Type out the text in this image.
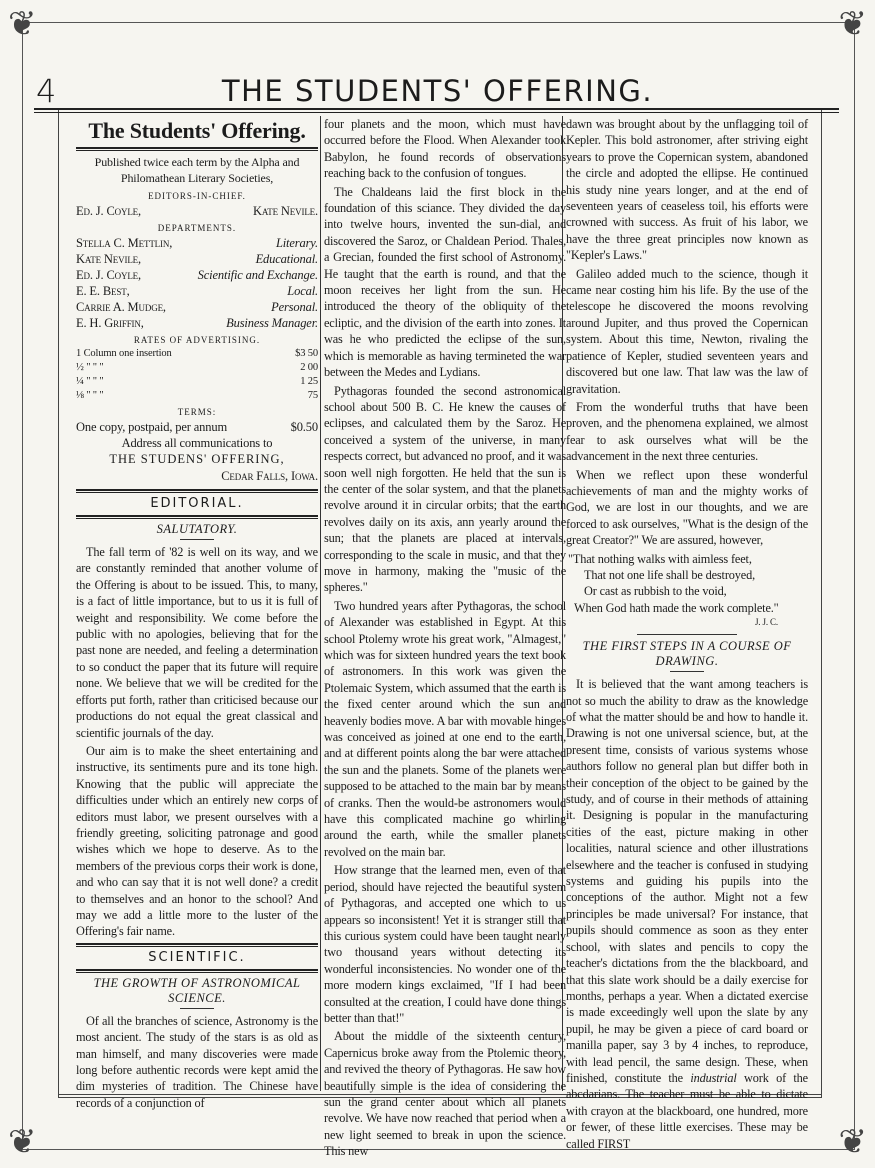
❦	❦
❦	❦
4	THE STUDENTS' OFFERING.
The Students' Offering.
Published twice each term by the Alpha and Philomathean Literary Societies,
EDITORS-IN-CHIEF.
Ed. J. Coyle,	Kate Nevile.
DEPARTMENTS.
Stella C. Mettlin,	Literary.
Kate Nevile,	Educational.
Ed. J. Coyle,	Scientific and Exchange.
E. E. Best,	Local.
Carrie A. Mudge,	Personal.
E. H. Griffin,	Business Manager.
RATES OF ADVERTISING.
1 Column one insertion	$3 50
½ " " "	2 00
¼ " " "	1 25
⅛ " " "	75
TERMS:
One copy, postpaid, per annum	$0.50
Address all communications to
THE STUDENS' OFFERING,
Cedar Falls, Iowa.
EDITORIAL.
SALUTATORY.

The fall term of '82 is well on its way, and we are constantly reminded that another volume of the Offering is about to be issued. This, to many, is a fact of little importance, but to us it is full of weight and responsibility. We come before the public with no apologies, believing that for the past none are needed, and feeling a determination to so conduct the paper that its future will require none. We believe that we will be credited for the efforts put forth, rather than criticised because our productions do not equal the great classical and scientific journals of the day.

Our aim is to make the sheet entertaining and instructive, its sentiments pure and its tone high. Knowing that the public will appreciate the difficulties under which an entirely new corps of editors must labor, we present ourselves with a friendly greeting, soliciting patronage and good wishes which we hope to deserve. As to the members of the previous corps their work is done, and who can say that it is not well done? a credit to themselves and an honor to the school? And may we add a little more to the luster of the Offering's fair name.

SCIENTIFIC.
THE GROWTH OF ASTRONOMICAL SCIENCE.

Of all the branches of science, Astronomy is the most ancient. The study of the stars is as old as man himself, and many discoveries were made long before authentic records were kept amid the dim mysteries of tradition. The Chinese have records of a conjunction of

four planets and the moon, which must have occurred before the Flood. When Alexander took Babylon, he found records of observations reaching back to the confusion of tongues.

The Chaldeans laid the first block in the foundation of this sciance. They divided the day into twelve hours, invented the sun-dial, and discovered the Saroz, or Chaldean Period. Thales, a Grecian, founded the first school of Astronomy. He taught that the earth is round, and that the moon receives her light from the sun. He introduced the theory of the obliquity of the ecliptic, and the division of the earth into zones. It was he who predicted the eclipse of the sun, which is memorable as having termineted the war between the Medes and Lydians.

Pythagoras founded the second astronomical school about 500 B. C. He knew the causes of eclipses, and calculated them by the Saroz. He conceived a system of the universe, in many respects correct, but advanced no proof, and it was soon well nigh forgotten. He held that the sun is the center of the solar system, and that the planets revolve around it in circular orbits; that the earth revolves daily on its axis, ann yearly around the sun; that the planets are placed at intervals, corresponding to the scale in music, and that they move in harmony, making the "music of the spheres."

Two hundred years after Pythagoras, the school of Alexander was established in Egypt. At this school Ptolemy wrote his great work, "Almagest," which was for sixteen hundred years the text book of astronomers. In this work was given the Ptolemaic System, which assumed that the earth is the fixed center around which the sun and heavenly bodies move. A bar with movable hinges was conceived as joined at one end to the earth, and at different points along the bar were attached the sun and the planets. Some of the planets were supposed to be attached to the main bar by means of cranks. Then the would-be astronomers would have this complicated machine go whirling around the earth, while the smaller planets revolved on the main bar.

How strange that the learned men, even of that period, should have rejected the beautiful system of Pythagoras, and accepted one which to us appears so inconsistent! Yet it is stranger still that this curious system could have been taught nearly two thousand years without detecting its wonderful inconsistencies. No wonder one of the more modern kings exclaimed, "If I had been consulted at the creation, I could have done things better than that!"

About the middle of the sixteenth century, Capernicus broke away from the Ptolemic theory, and revived the theory of Pythagoras. He saw how beautifully simple is the idea of considering the sun the grand center about which all planets revolve. We have now reached that period when a new light seemed to break in upon the science. This new

dawn was brought about by the unflagging toil of Kepler. This bold astronomer, after striving eight years to prove the Copernican system, abandoned the circle and adopted the ellipse. He continued his study nine years longer, and at the end of seventeen years of ceaseless toil, his efforts were crowned with success. As fruit of his labor, we have the three great principles now known as "Kepler's Laws."

Galileo added much to the science, though it came near costing him his life. By the use of the telescope he discovered the moons revolving around Jupiter, and thus proved the Copernican system. About this time, Newton, rivaling the patience of Kepler, studied seventeen years and discovered but one law. That law was the law of gravitation.

From the wonderful truths that have been proven, and the phenomena explained, we almost fear to ask ourselves what will be the advancement in the next three centuries.

When we reflect upon these wonderful achievements of man and the mighty works of God, we are lost in our thoughts, and we are forced to ask ourselves, "What is the design of the great Creator?" We are assured, however,

"That nothing walks with aimless feet,
That not one life shall be destroyed,
Or cast as rubbish to the void,
When God hath made the work complete."
J. J. C.
THE FIRST STEPS IN A COURSE OF DRAWING.

It is believed that the want among teachers is not so much the ability to draw as the knowledge of what the matter should be and how to handle it. Drawing is not one universal science, but, at the present time, consists of various systems whose authors follow no general plan but differ both in their conception of the object to be gained by the study, and of course in their methods of attaining it. Designing is popular in the manufacturing cities of the east, picture making in other localities, natural science and other illustrations elsewhere and the teacher is confused in studying systems and guiding his pupils into the conceptions of the author. Might not a few principles be made universal? For instance, that pupils should commence as soon as they enter school, with slates and pencils to copy the teacher's dictations from the the blackboard, and that this slate work should be a daily exercise for months, perhaps a year. When a dictated exercise is made exceedingly well upon the slate by any pupil, he may be given a piece of card board or manilla paper, say 3 by 4 inches, to reproduce, with lead pencil, the same design. These, when finished, constitute the industrial work of the abcdarians. The teacher must be able to dictate with crayon at the blackboard, one hundred, more or fewer, of these little exercises. These may be called FIRST
